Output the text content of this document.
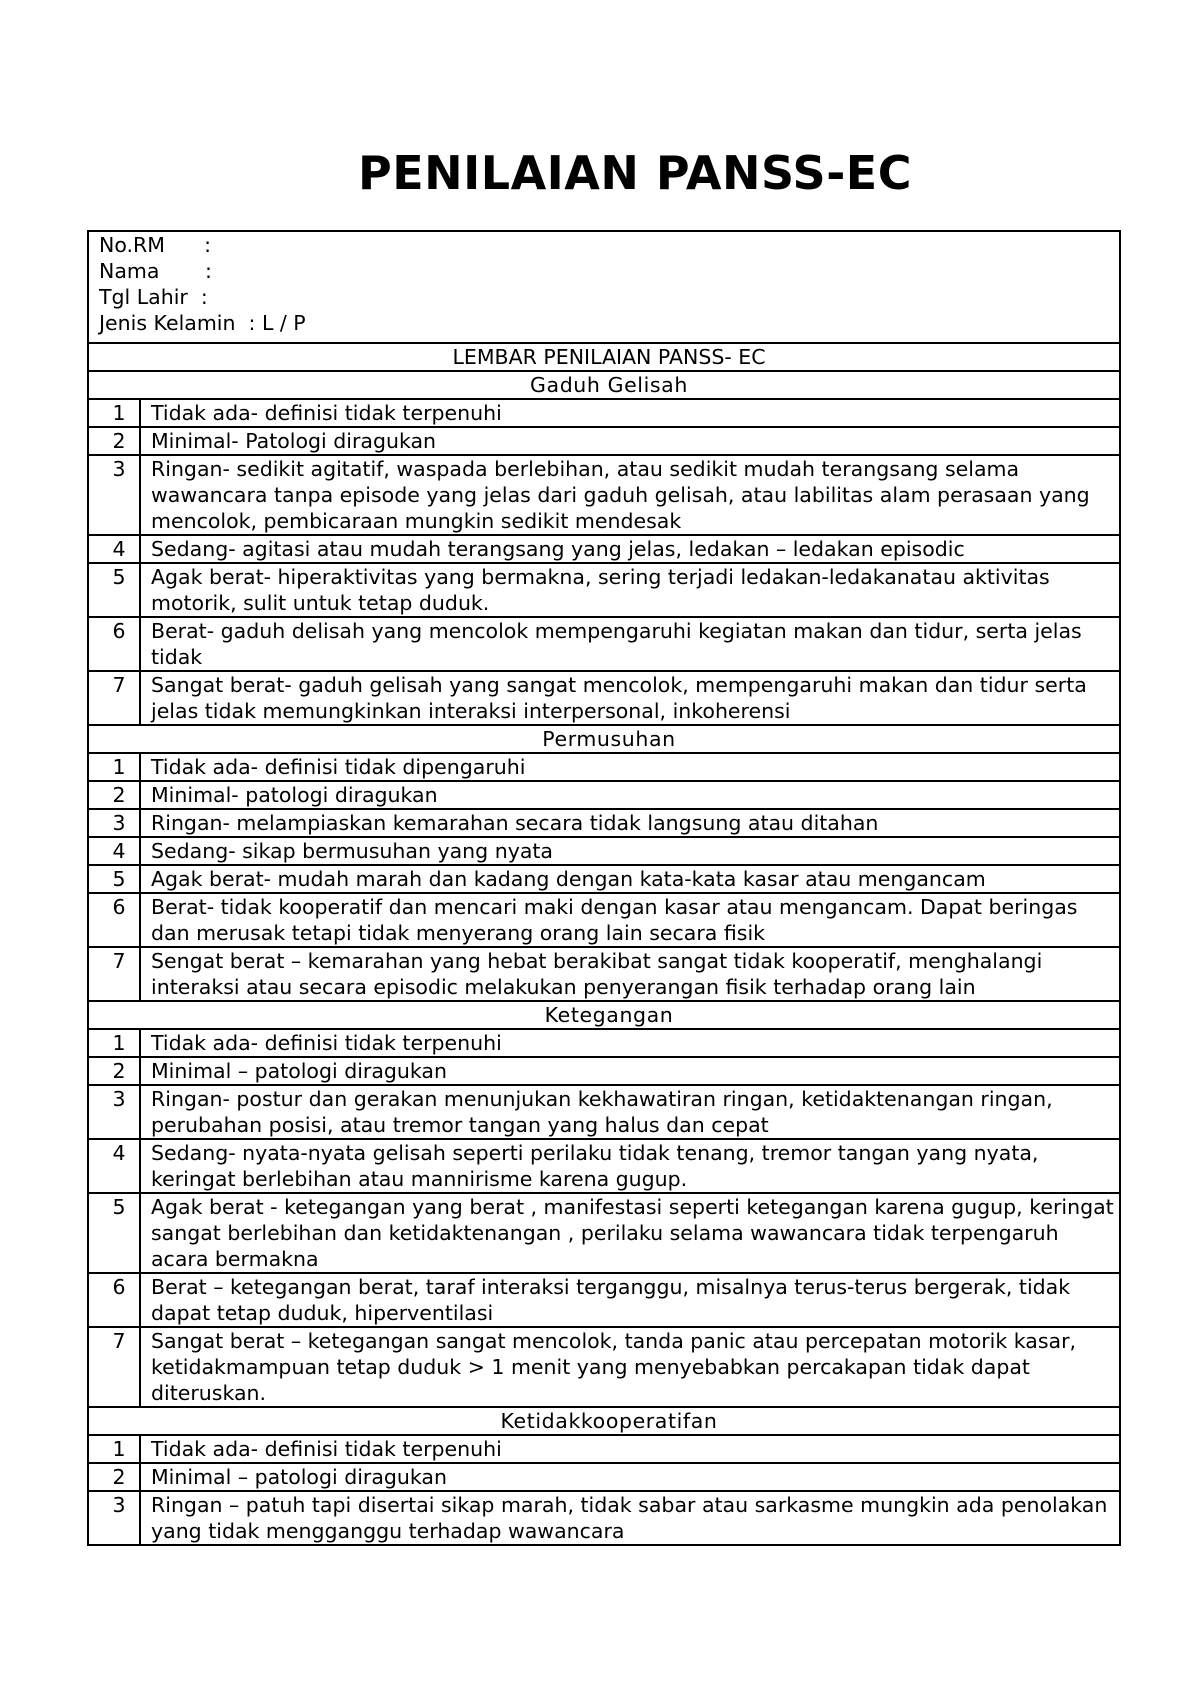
PENILAIAN PANSS-EC
No.RM      :
Nama       :
Tgl Lahir  :
Jenis Kelamin  : L / P	

LEMBAR PENILAIAN PANSS- EC	
Gaduh Gelisah	
1	Tidak ada- definisi tidak terpenuhi
2	Minimal- Patologi diragukan
3	Ringan- sedikit agitatif, waspada berlebihan, atau sedikit mudah terangsang selama wawancara tanpa episode yang jelas dari gaduh gelisah, atau labilitas alam perasaan yang mencolok, pembicaraan mungkin sedikit mendesak
4	Sedang- agitasi atau mudah terangsang yang jelas, ledakan – ledakan episodic
5	Agak berat- hiperaktivitas yang bermakna, sering terjadi ledakan-ledakanatau aktivitas motorik, sulit untuk tetap duduk.
6	Berat- gaduh delisah yang mencolok mempengaruhi kegiatan makan dan tidur, serta jelas tidak
7	Sangat berat- gaduh gelisah yang sangat mencolok, mempengaruhi makan dan tidur serta jelas tidak memungkinkan interaksi interpersonal, inkoherensi
Permusuhan	
1	Tidak ada- definisi tidak dipengaruhi
2	Minimal- patologi diragukan
3	Ringan- melampiaskan kemarahan secara tidak langsung atau ditahan
4	Sedang- sikap bermusuhan yang nyata
5	Agak berat- mudah marah dan kadang dengan kata-kata kasar atau mengancam
6	Berat- tidak kooperatif dan mencari maki dengan kasar atau mengancam. Dapat beringas dan merusak tetapi tidak menyerang orang lain secara fisik
7	Sengat berat – kemarahan yang hebat berakibat sangat tidak kooperatif, menghalangi interaksi atau secara episodic melakukan penyerangan fisik terhadap orang lain
Ketegangan	
1	Tidak ada- definisi tidak terpenuhi
2	Minimal – patologi diragukan
3	Ringan- postur dan gerakan menunjukan kekhawatiran ringan, ketidaktenangan ringan, perubahan posisi, atau tremor tangan yang halus dan cepat
4	Sedang- nyata-nyata gelisah seperti perilaku tidak tenang, tremor tangan yang nyata, keringat berlebihan atau mannirisme karena gugup.
5	Agak berat - ketegangan yang berat , manifestasi seperti ketegangan karena gugup, keringat sangat berlebihan dan ketidaktenangan , perilaku selama wawancara tidak terpengaruh acara bermakna
6	Berat – ketegangan berat, taraf interaksi terganggu, misalnya terus-terus bergerak, tidak dapat tetap duduk, hiperventilasi
7	Sangat berat – ketegangan sangat mencolok, tanda panic atau percepatan motorik kasar, ketidakmampuan tetap duduk > 1 menit yang menyebabkan percakapan tidak dapat diteruskan.
Ketidakkooperatifan	
1	Tidak ada- definisi tidak terpenuhi
2	Minimal – patologi diragukan
3	Ringan – patuh tapi disertai sikap marah, tidak sabar atau sarkasme mungkin ada penolakan yang tidak mengganggu terhadap wawancara
